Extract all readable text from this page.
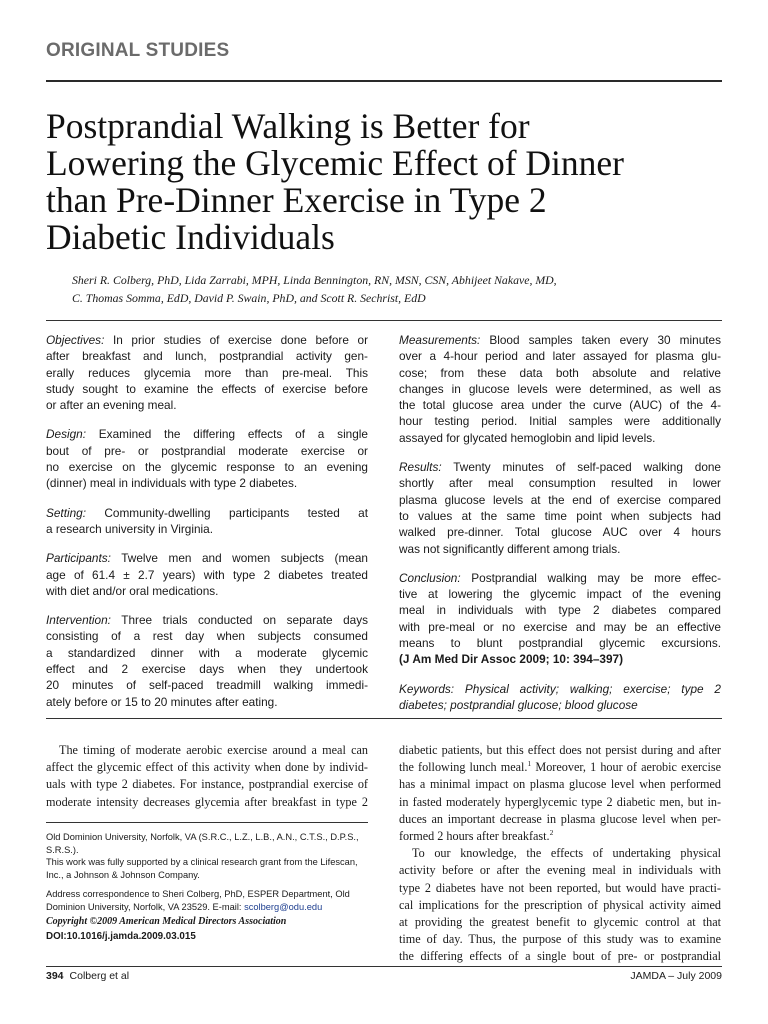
ORIGINAL STUDIES
Postprandial Walking is Better for
Lowering the Glycemic Effect of Dinner
than Pre-Dinner Exercise in Type 2
Diabetic Individuals
Sheri R. Colberg, PhD, Lida Zarrabi, MPH, Linda Bennington, RN, MSN, CSN, Abhijeet Nakave, MD,
C. Thomas Somma, EdD, David P. Swain, PhD, and Scott R. Sechrist, EdD

Objectives: In prior studies of exercise done before or
after breakfast and lunch, postprandial activity gen-
erally reduces glycemia more than pre-meal. This
study sought to examine the effects of exercise before
or after an evening meal.

Design: Examined the differing effects of a single
bout of pre- or postprandial moderate exercise or
no exercise on the glycemic response to an evening
(dinner) meal in individuals with type 2 diabetes.

Setting: Community-dwelling participants tested at
a research university in Virginia.

Participants: Twelve men and women subjects (mean
age of 61.4 ± 2.7 years) with type 2 diabetes treated
with diet and/or oral medications.

Intervention: Three trials conducted on separate days
consisting of a rest day when subjects consumed
a standardized dinner with a moderate glycemic
effect and 2 exercise days when they undertook
20 minutes of self-paced treadmill walking immedi-
ately before or 15 to 20 minutes after eating.

Measurements: Blood samples taken every 30 minutes
over a 4-hour period and later assayed for plasma glu-
cose; from these data both absolute and relative
changes in glucose levels were determined, as well as
the total glucose area under the curve (AUC) of the 4-
hour testing period. Initial samples were additionally
assayed for glycated hemoglobin and lipid levels.

Results: Twenty minutes of self-paced walking done
shortly after meal consumption resulted in lower
plasma glucose levels at the end of exercise compared
to values at the same time point when subjects had
walked pre-dinner. Total glucose AUC over 4 hours
was not significantly different among trials.

Conclusion: Postprandial walking may be more effec-
tive at lowering the glycemic impact of the evening
meal in individuals with type 2 diabetes compared
with pre-meal or no exercise and may be an effective
means to blunt postprandial glycemic excursions.
(J Am Med Dir Assoc 2009; 10: 394–397)

Keywords: Physical activity; walking; exercise; type 2
diabetes; postprandial glucose; blood glucose

The timing of moderate aerobic exercise around a meal can
affect the glycemic effect of this activity when done by individ-
uals with type 2 diabetes. For instance, postprandial exercise of
moderate intensity decreases glycemia after breakfast in type 2
diabetic patients, but this effect does not persist during and after
the following lunch meal.$^1$ Moreover, 1 hour of aerobic exercise
has a minimal impact on plasma glucose level when performed
in fasted moderately hyperglycemic type 2 diabetic men, but in-
duces an important decrease in plasma glucose level when per-
formed 2 hours after breakfast.$^2$
To our knowledge, the effects of undertaking physical
activity before or after the evening meal in individuals with
type 2 diabetes have not been reported, but would have practi-
cal implications for the prescription of physical activity aimed
at providing the greatest benefit to glycemic control at that
time of day. Thus, the purpose of this study was to examine
the differing effects of a single bout of pre- or postprandial
Old Dominion University, Norfolk, VA (S.R.C., L.Z., L.B., A.N., C.T.S., D.P.S.,
S.R.S.).
This work was fully supported by a clinical research grant from the Lifescan,
Inc., a Johnson & Johnson Company.
Address correspondence to Sheri Colberg, PhD, ESPER Department, Old
Dominion University, Norfolk, VA 23529. E-mail: scolberg@odu.edu
Copyright ©2009 American Medical Directors Association
DOI:10.1016/j.jamda.2009.03.015
394 Colberg et al	JAMDA – July 2009
